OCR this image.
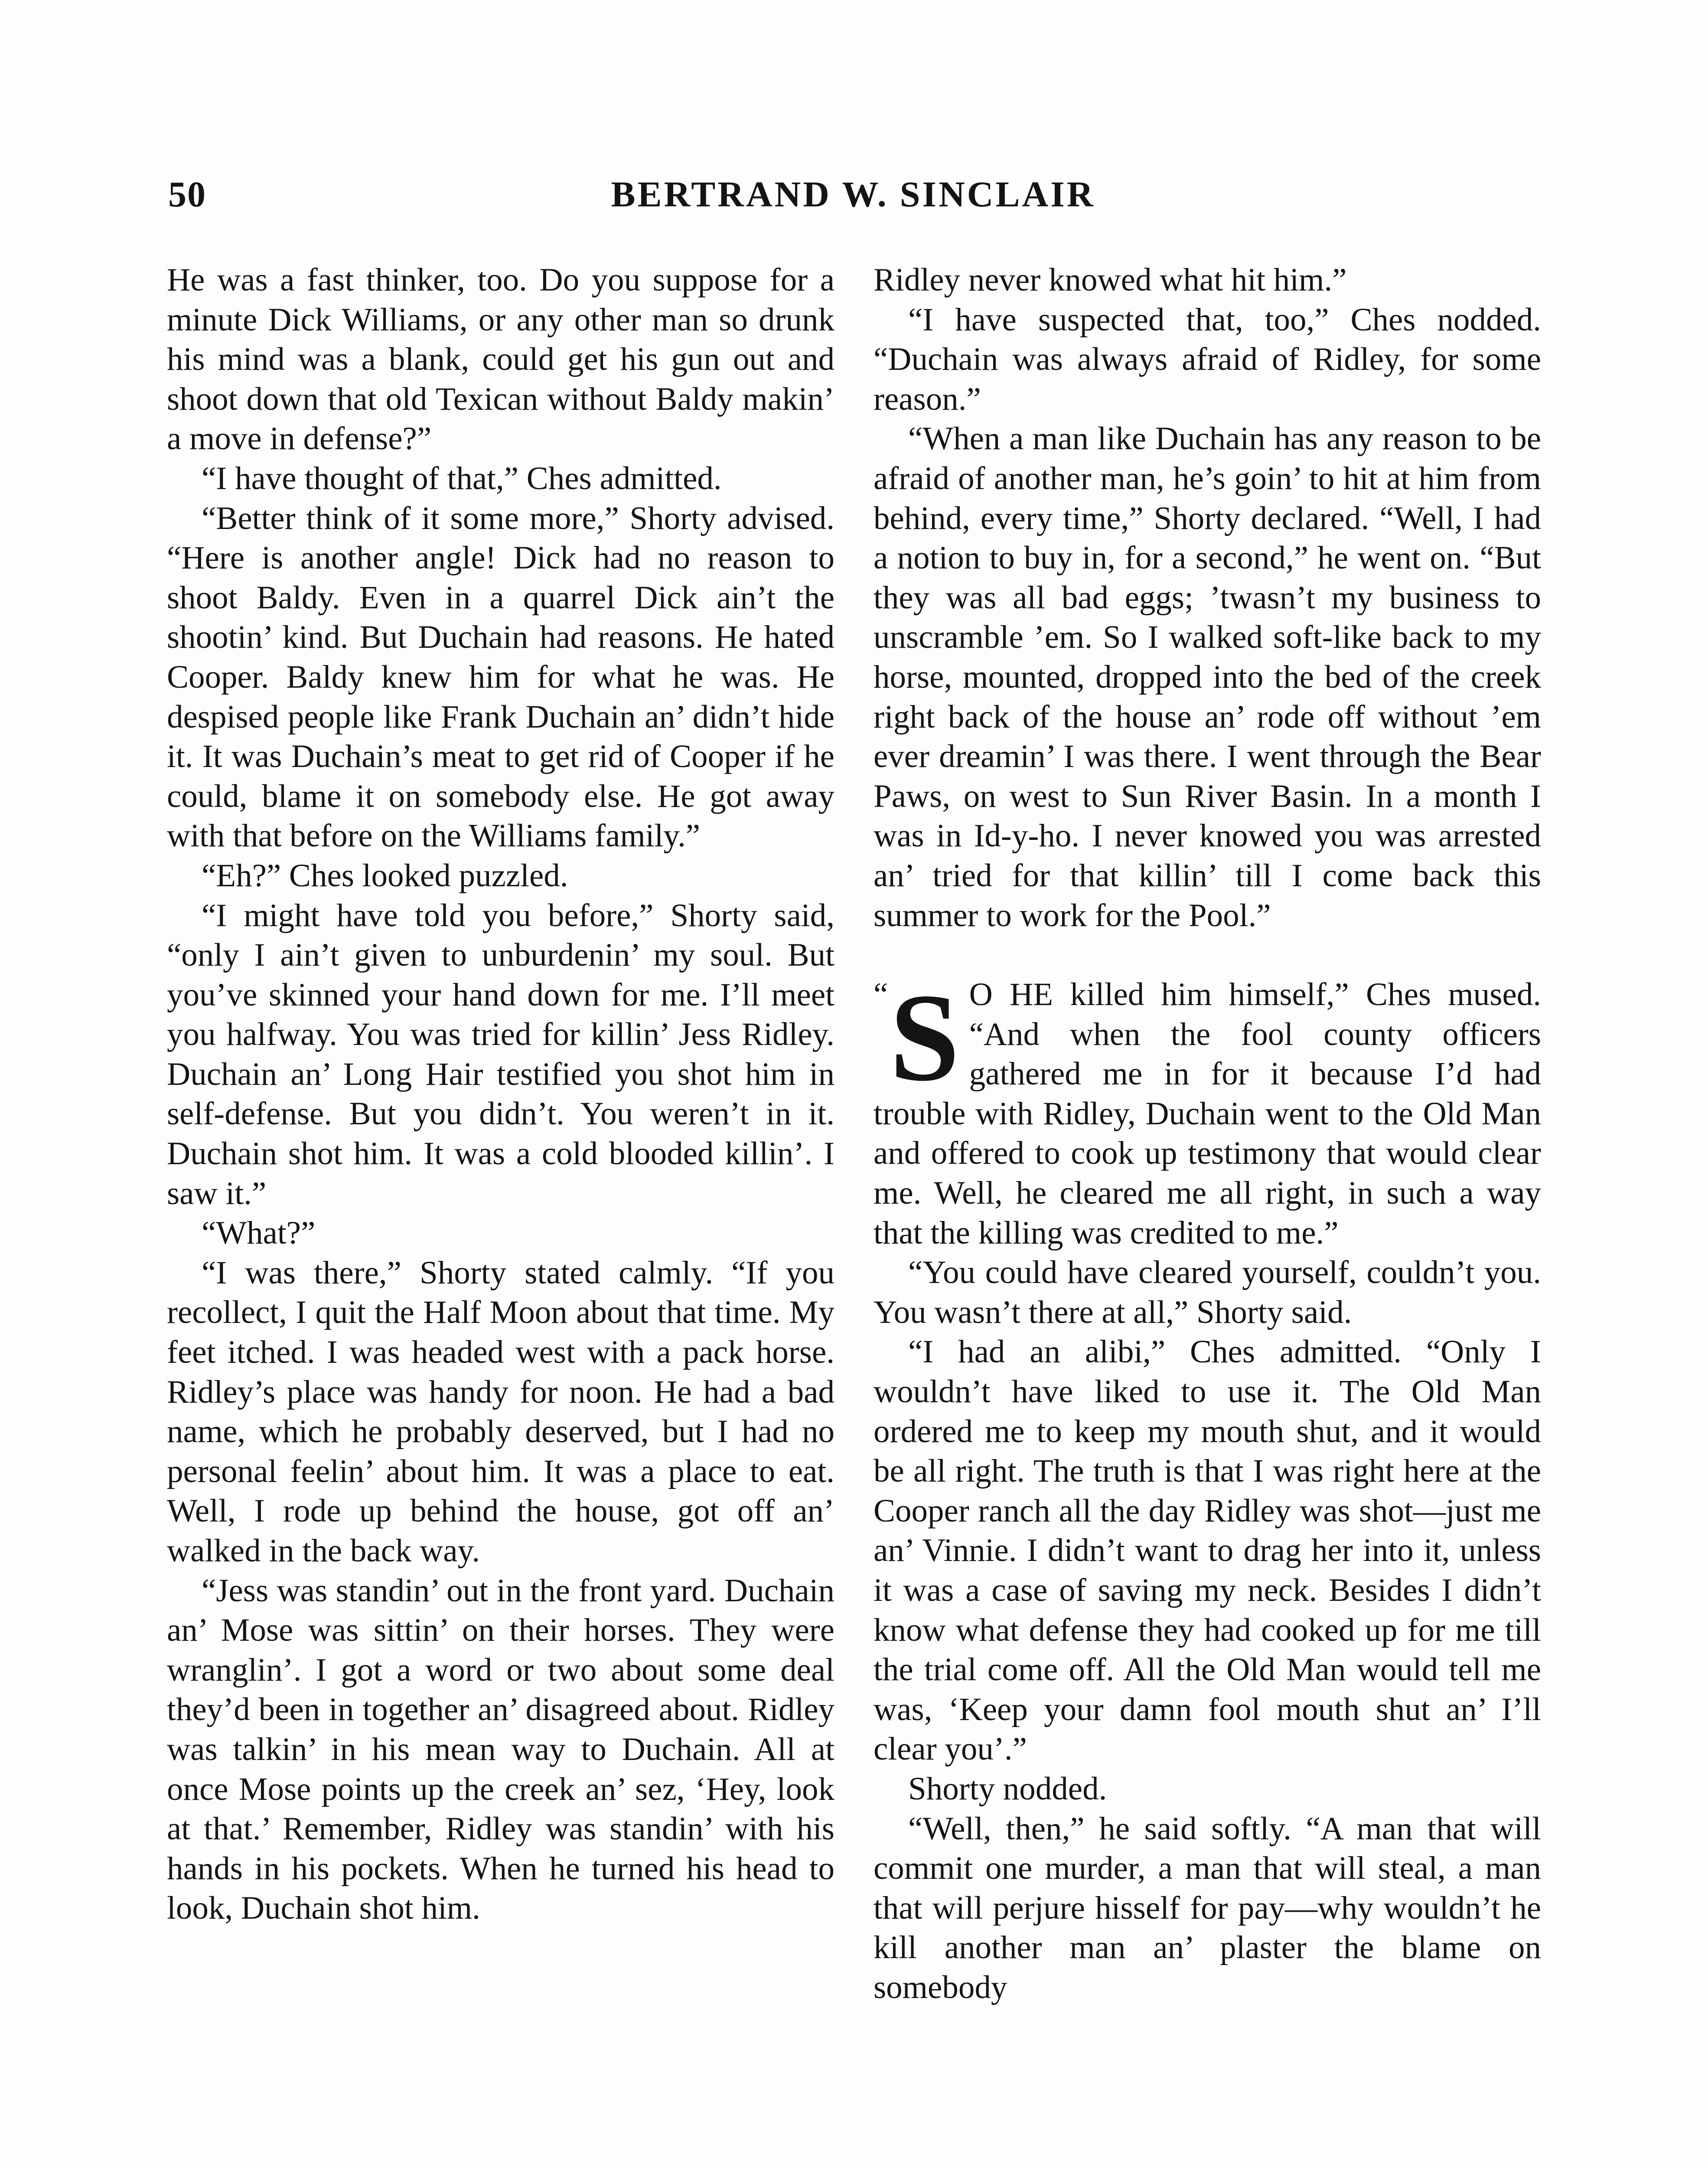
50	BERTRAND W. SINCLAIR

He was a fast thinker, too. Do you suppose for a minute Dick Williams, or any other man so drunk his mind was a blank, could get his gun out and shoot down that old Texican without Baldy makin’ a move in defense?”

“I have thought of that,” Ches admitted.

“Better think of it some more,” Shorty advised. “Here is another angle! Dick had no reason to shoot Baldy. Even in a quarrel Dick ain’t the shootin’ kind. But Duchain had reasons. He hated Cooper. Baldy knew him for what he was. He despised people like Frank Duchain an’ didn’t hide it. It was Duchain’s meat to get rid of Cooper if he could, blame it on somebody else. He got away with that before on the Williams family.”

“Eh?” Ches looked puzzled.

“I might have told you before,” Shorty said, “only I ain’t given to unburdenin’ my soul. But you’ve skinned your hand down for me. I’ll meet you halfway. You was tried for killin’ Jess Ridley. Duchain an’ Long Hair testified you shot him in self-defense. But you didn’t. You weren’t in it. Duchain shot him. It was a cold blooded killin’. I saw it.”

“What?”

“I was there,” Shorty stated calmly. “If you recollect, I quit the Half Moon about that time. My feet itched. I was headed west with a pack horse. Ridley’s place was handy for noon. He had a bad name, which he probably deserved, but I had no personal feelin’ about him. It was a place to eat. Well, I rode up behind the house, got off an’ walked in the back way.

“Jess was standin’ out in the front yard. Duchain an’ Mose was sittin’ on their horses. They were wranglin’. I got a word or two about some deal they’d been in together an’ disagreed about. Ridley was talkin’ in his mean way to Duchain. All at once Mose points up the creek an’ sez, ‘Hey, look at that.’ Remember, Ridley was standin’ with his hands in his pockets. When he turned his head to look, Duchain shot him.

Ridley never knowed what hit him.”

“I have suspected that, too,” Ches nodded. “Duchain was always afraid of Ridley, for some reason.”

“When a man like Duchain has any reason to be afraid of another man, he’s goin’ to hit at him from behind, every time,” Shorty declared. “Well, I had a notion to buy in, for a second,” he went on. “But they was all bad eggs; ’twasn’t my business to unscramble ’em. So I walked soft-like back to my horse, mounted, dropped into the bed of the creek right back of the house an’ rode off without ’em ever dreamin’ I was there. I went through the Bear Paws, on west to Sun River Basin. In a month I was in Id-y-ho. I never knowed you was arrested an’ tried for that killin’ till I come back this summer to work for the Pool.”

“ S O HE killed him himself,” Ches mused. “And when the fool county officers gathered me in for it because I’d had trouble with Ridley, Duchain went to the Old Man and offered to cook up testimony that would clear me. Well, he cleared me all right, in such a way that the killing was credited to me.”

“You could have cleared yourself, couldn’t you. You wasn’t there at all,” Shorty said.

“I had an alibi,” Ches admitted. “Only I wouldn’t have liked to use it. The Old Man ordered me to keep my mouth shut, and it would be all right. The truth is that I was right here at the Cooper ranch all the day Ridley was shot—just me an’ Vinnie. I didn’t want to drag her into it, unless it was a case of saving my neck. Besides I didn’t know what defense they had cooked up for me till the trial come off. All the Old Man would tell me was, ‘Keep your damn fool mouth shut an’ I’ll clear you’.”

Shorty nodded.

“Well, then,” he said softly. “A man that will commit one murder, a man that will steal, a man that will perjure hisself for pay—why wouldn’t he kill another man an’ plaster the blame on somebody
